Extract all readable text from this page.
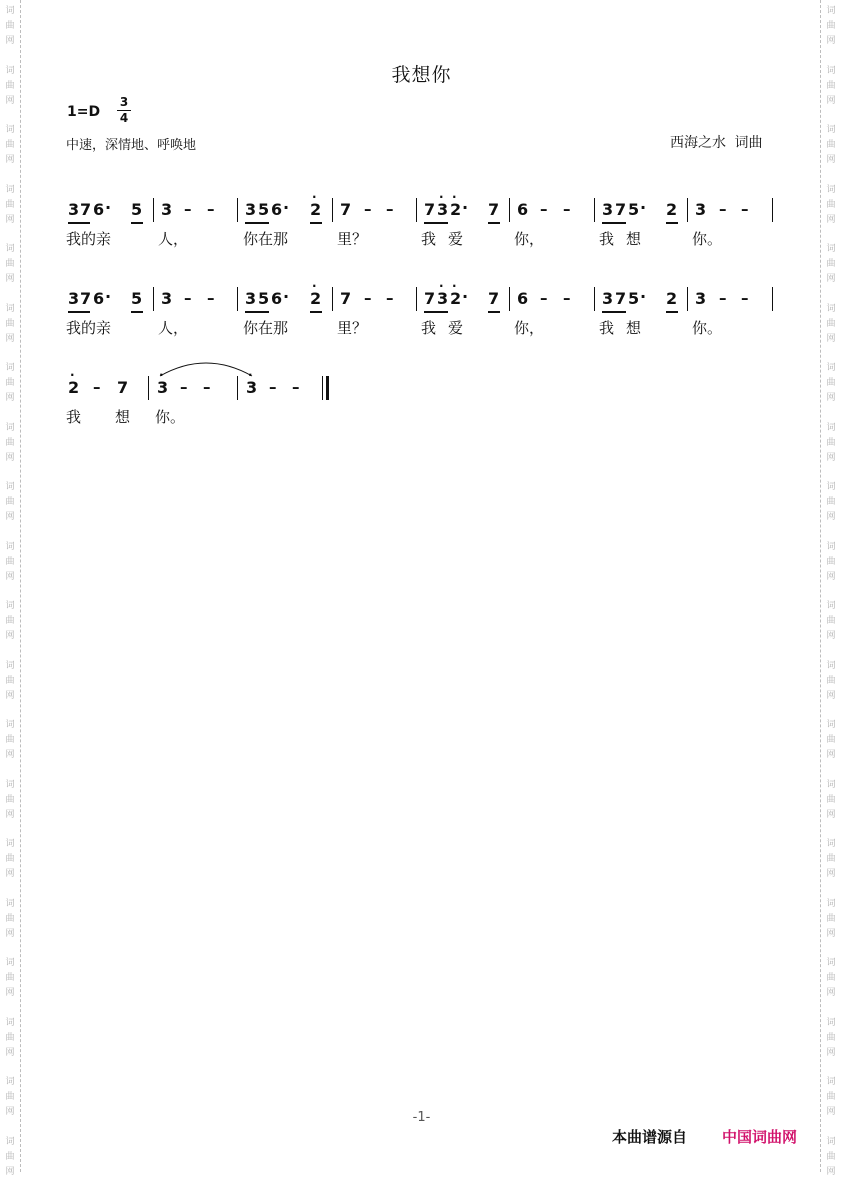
词
曲
网
词
曲
网
词
曲
网
词
曲
网
词
曲
网
词
曲
网
词
曲
网
词
曲
网
词
曲
网
词
曲
网
词
曲
网
词
曲
网
词
曲
网
词
曲
网
词
曲
网
词
曲
网
词
曲
网
词
曲
网
词
曲
网
词
曲
网
词
曲
网
词
曲
网
词
曲
网
词
曲
网
词
曲
网
词
曲
网
词
曲
网
词
曲
网
词
曲
网
词
曲
网
词
曲
网
词
曲
网
词
曲
网
词
曲
网
词
曲
网
词
曲
网
词
曲
网
词
曲
网
词
曲
网
词
曲
网
我想你
1=D
3
4
中速，深情地、呼唤地	西海之水 词曲
3 7 6 · 5 3 – – 3 5 6 ·
·
2 7 – – 7
·
3
·
2 · 7 6 – – 3 7 5 · 2 3 – –
我的亲	人，	你在那	里？	我 爱	你，	我 想	你。
3 7 6 · 5 3 – – 3 5 6 ·
·
2 7 – – 7
·
3
·
2 · 7 6 – – 3 7 5 · 2 3 – –
我的亲	人，	你在那	里？	我 爱	你，	我 想	你。
·
2 – 7
·
3 – –
·
3 – –
我 想 你。
-1-
本曲谱源自 中国词曲网
